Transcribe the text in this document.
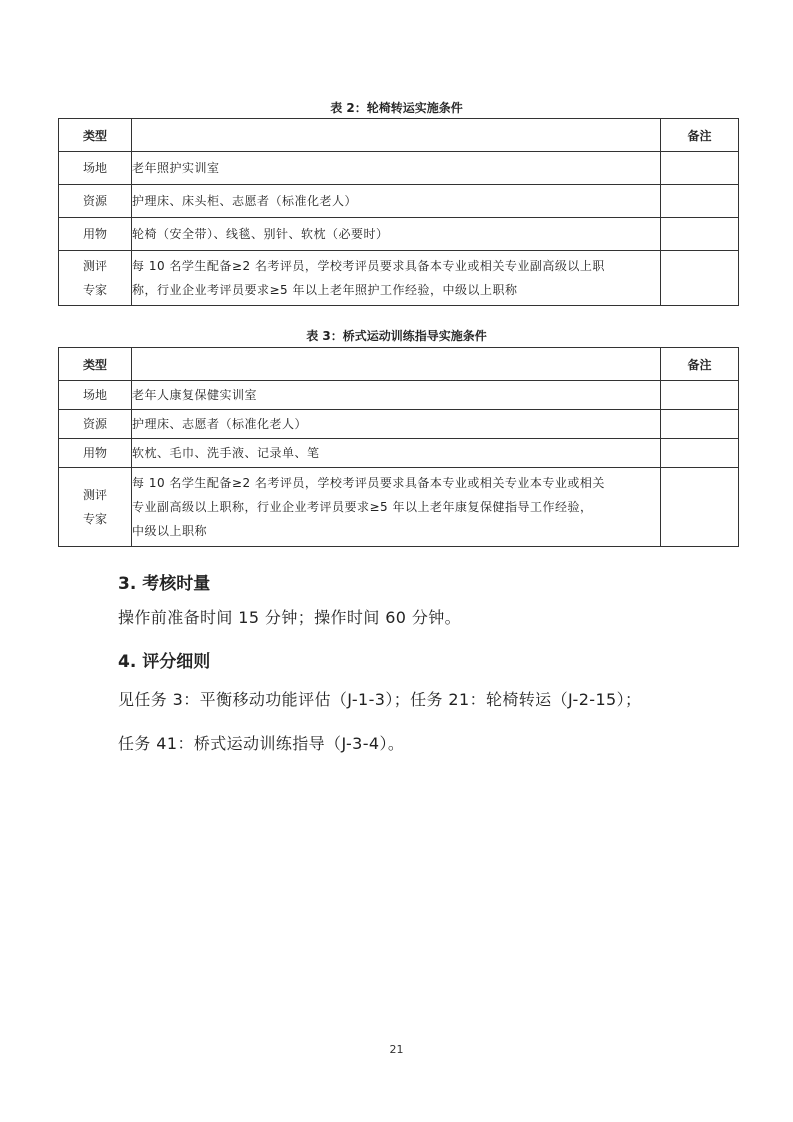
表 2：轮椅转运实施条件
类型		备注
场地	老年照护实训室	
资源	护理床、床头柜、志愿者（标准化老人）	
用物	轮椅（安全带）、线毯、别针、软枕（必要时）	

测评
专家	每 10 名学生配备≥2 名考评员，学校考评员要求具备本专业或相关专业副高级以上职
称，行业企业考评员要求≥5 年以上老年照护工作经验，中级以上职称	

表 3：桥式运动训练指导实施条件
类型		备注
场地	老年人康复保健实训室	
资源	护理床、志愿者（标准化老人）	
用物	软枕、毛巾、洗手液、记录单、笔	

测评
专家	每 10 名学生配备≥2 名考评员，学校考评员要求具备本专业或相关专业本专业或相关
专业副高级以上职称，行业企业考评员要求≥5 年以上老年康复保健指导工作经验，
中级以上职称	

3. 考核时量

操作前准备时间 15 分钟；操作时间 60 分钟。

4. 评分细则

见任务 3：平衡移动功能评估（J-1-3）；任务 21：轮椅转运（J-2-15）；

任务 41：桥式运动训练指导（J-3-4）。

21
